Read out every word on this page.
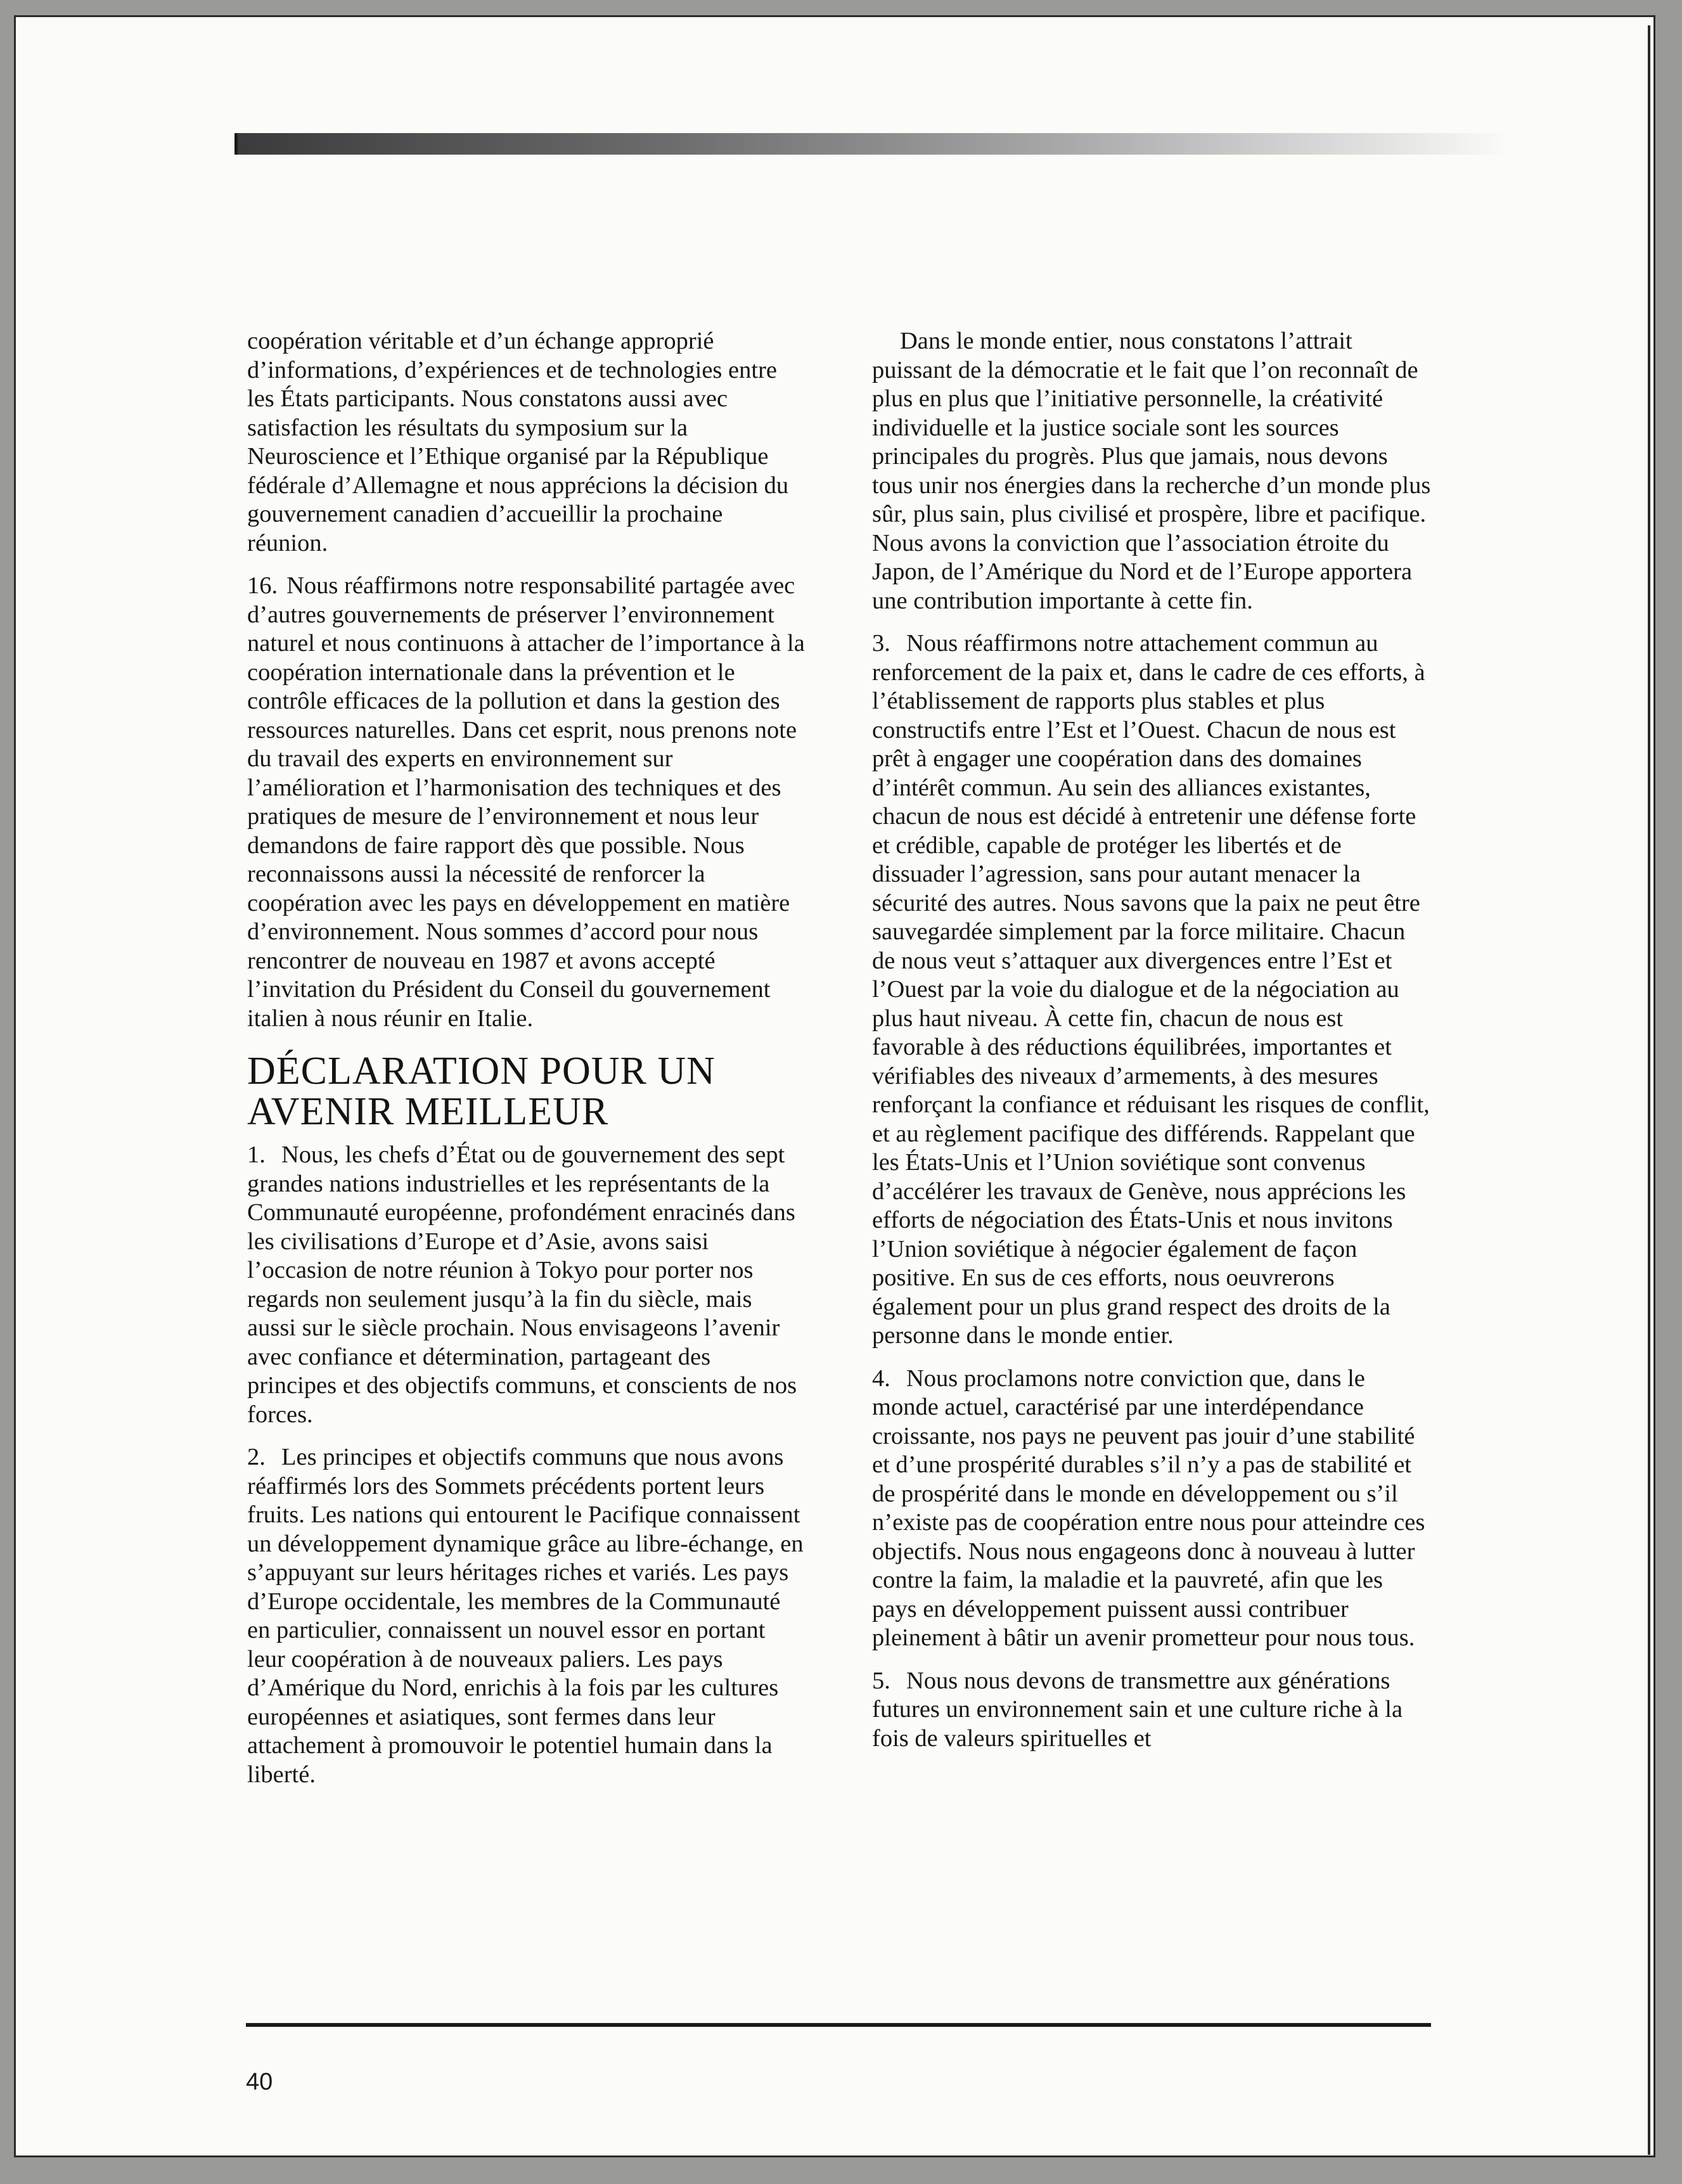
coopération véritable et d’un échange approprié d’informations, d’expériences et de technologies entre les États participants. Nous constatons aussi avec satisfaction les résultats du symposium sur la Neuroscience et l’Ethique organisé par la République fédérale d’Allemagne et nous apprécions la décision du gouvernement canadien d’accueillir la prochaine réunion.

16. Nous réaffirmons notre responsabilité partagée avec d’autres gouvernements de préserver l’environnement naturel et nous continuons à attacher de l’importance à la coopération internationale dans la prévention et le contrôle efficaces de la pollution et dans la gestion des ressources naturelles. Dans cet esprit, nous prenons note du travail des experts en environnement sur l’amélioration et l’harmonisation des techniques et des pratiques de mesure de l’environnement et nous leur demandons de faire rapport dès que possible. Nous reconnaissons aussi la nécessité de renforcer la coopération avec les pays en développement en matière d’environnement. Nous sommes d’accord pour nous rencontrer de nouveau en 1987 et avons accepté l’invitation du Président du Conseil du gouvernement italien à nous réunir en Italie.

DÉCLARATION POUR UN
AVENIR MEILLEUR

1. Nous, les chefs d’État ou de gouvernement des sept grandes nations industrielles et les représentants de la Communauté européenne, profondément enracinés dans les civilisations d’Europe et d’Asie, avons saisi l’occasion de notre réunion à Tokyo pour porter nos regards non seulement jusqu’à la fin du siècle, mais aussi sur le siècle prochain. Nous envisageons l’avenir avec confiance et détermination, partageant des principes et des objectifs communs, et conscients de nos forces.

2. Les principes et objectifs communs que nous avons réaffirmés lors des Sommets précédents portent leurs fruits. Les nations qui entourent le Pacifique connaissent un développement dynamique grâce au libre-échange, en s’appuyant sur leurs héritages riches et variés. Les pays d’Europe occidentale, les membres de la Communauté en particulier, connaissent un nouvel essor en portant leur coopération à de nouveaux paliers. Les pays d’Amérique du Nord, enrichis à la fois par les cultures européennes et asiatiques, sont fermes dans leur attachement à promouvoir le potentiel humain dans la liberté.

Dans le monde entier, nous constatons l’attrait puissant de la démocratie et le fait que l’on reconnaît de plus en plus que l’initiative personnelle, la créativité individuelle et la justice sociale sont les sources principales du progrès. Plus que jamais, nous devons tous unir nos énergies dans la recherche d’un monde plus sûr, plus sain, plus civilisé et prospère, libre et pacifique. Nous avons la conviction que l’association étroite du Japon, de l’Amérique du Nord et de l’Europe apportera une contribution importante à cette fin.

3. Nous réaffirmons notre attachement commun au renforcement de la paix et, dans le cadre de ces efforts, à l’établissement de rapports plus stables et plus constructifs entre l’Est et l’Ouest. Chacun de nous est prêt à engager une coopération dans des domaines d’intérêt commun. Au sein des alliances existantes, chacun de nous est décidé à entretenir une défense forte et crédible, capable de protéger les libertés et de dissuader l’agression, sans pour autant menacer la sécurité des autres. Nous savons que la paix ne peut être sauvegardée simplement par la force militaire. Chacun de nous veut s’attaquer aux divergences entre l’Est et l’Ouest par la voie du dialogue et de la négociation au plus haut niveau. À cette fin, chacun de nous est favorable à des réductions équilibrées, importantes et vérifiables des niveaux d’armements, à des mesures renforçant la confiance et réduisant les risques de conflit, et au règlement pacifique des différends. Rappelant que les États-Unis et l’Union soviétique sont convenus d’accélérer les travaux de Genève, nous apprécions les efforts de négociation des États-Unis et nous invitons l’Union soviétique à négocier également de façon positive. En sus de ces efforts, nous oeuvrerons également pour un plus grand respect des droits de la personne dans le monde entier.

4. Nous proclamons notre conviction que, dans le monde actuel, caractérisé par une interdépendance croissante, nos pays ne peuvent pas jouir d’une stabilité et d’une prospérité durables s’il n’y a pas de stabilité et de prospérité dans le monde en développement ou s’il n’existe pas de coopération entre nous pour atteindre ces objectifs. Nous nous engageons donc à nouveau à lutter contre la faim, la maladie et la pauvreté, afin que les pays en développement puissent aussi contribuer pleinement à bâtir un avenir prometteur pour nous tous.

5. Nous nous devons de transmettre aux générations futures un environnement sain et une culture riche à la fois de valeurs spirituelles et

40
